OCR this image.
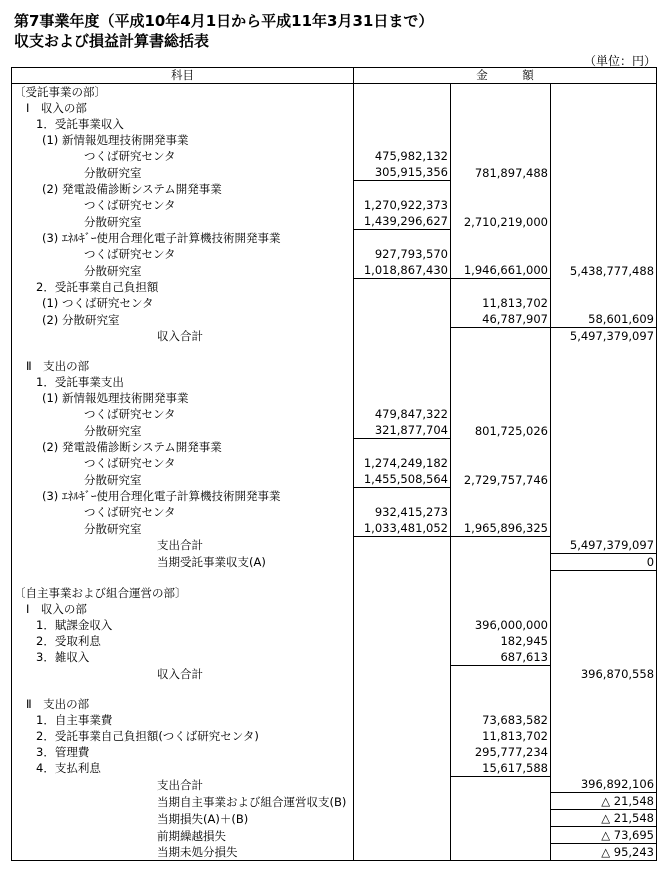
第7事業年度（平成10年4月1日から平成11年3月31日まで）
収支および損益計算書総括表
（単位：円）
科目	金　　　額		
〔受託事業の部〕			
Ⅰ　収入の部			
1．受託事業収入			
(1) 新情報処理技術開発事業			
つくば研究センタ	475,982,132		
分散研究室	305,915,356	781,897,488	
(2) 発電設備診断システム開発事業			
つくば研究センタ	1,270,922,373		
分散研究室	1,439,296,627	2,710,219,000	
(3) ｴﾈﾙｷﾞｰ使用合理化電子計算機技術開発事業			
つくば研究センタ	927,793,570		
分散研究室	1,018,867,430	1,946,661,000	5,438,777,488
2．受託事業自己負担額			
(1) つくば研究センタ		11,813,702	
(2) 分散研究室		46,787,907	58,601,609
収入合計			5,497,379,097

Ⅱ　支出の部			
1．受託事業支出			
(1) 新情報処理技術開発事業			
つくば研究センタ	479,847,322		
分散研究室	321,877,704	801,725,026	
(2) 発電設備診断システム開発事業			
つくば研究センタ	1,274,249,182		
分散研究室	1,455,508,564	2,729,757,746	
(3) ｴﾈﾙｷﾞｰ使用合理化電子計算機技術開発事業			
つくば研究センタ	932,415,273		
分散研究室	1,033,481,052	1,965,896,325	
支出合計			5,497,379,097
当期受託事業収支(A)			0

〔自主事業および組合運営の部〕			
Ⅰ　収入の部			
1．賦課金収入		396,000,000	
2．受取利息		182,945	
3．雑収入		687,613	
収入合計			396,870,558

Ⅱ　支出の部			
1．自主事業費		73,683,582	
2．受託事業自己負担額(つくば研究センタ)		11,813,702	
3．管理費		295,777,234	
4．支払利息		15,617,588	
支出合計			396,892,106
当期自主事業および組合運営収支(B)			△ 21,548
当期損失(A)＋(B)			△ 21,548
前期繰越損失			△ 73,695
当期未処分損失			△ 95,243
